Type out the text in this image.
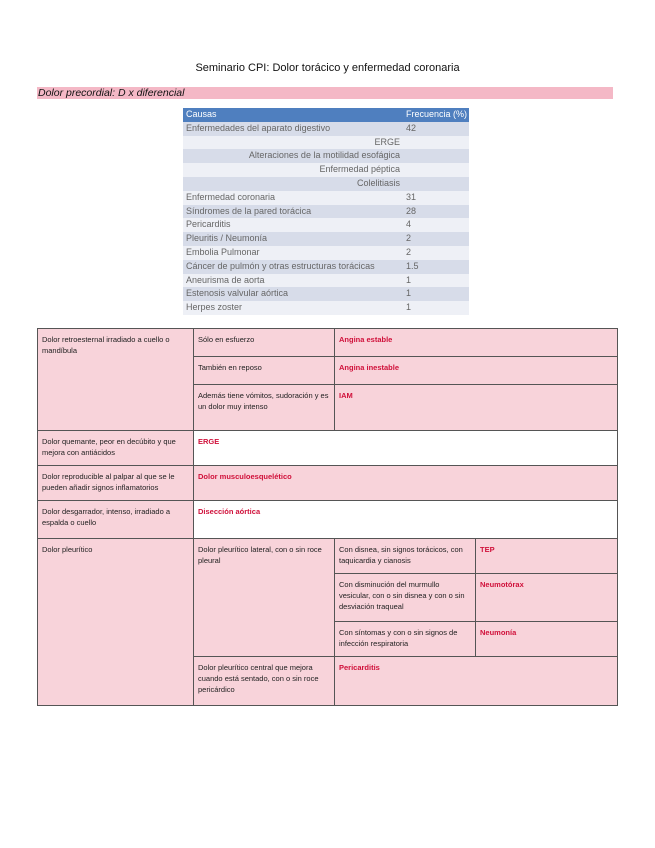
Seminario CPI: Dolor torácico y enfermedad coronaria
Dolor precordial: D x diferencial
Causas	Frecuencia (%)
Enfermedades del aparato digestivo	42
ERGE	
Alteraciones de la motilidad esofágica	
Enfermedad péptica	
Colelitiasis	
Enfermedad coronaria	31
Síndromes de la pared torácica	28
Pericarditis	4
Pleuritis / Neumonía	2
Embolia Pulmonar	2
Cáncer de pulmón y otras estructuras torácicas	1.5
Aneurisma de aorta	1
Estenosis valvular aórtica	1
Herpes zoster	1
Dolor retroesternal irradiado a cuello o mandíbula	Sólo en esfuerzo	Angina estable	
	También en reposo	Angina inestable	
	Además tiene vómitos, sudoración y es un dolor muy intenso	IAM	
Dolor quemante, peor en decúbito y que mejora con antiácidos	ERGE		
Dolor reproducible al palpar al que se le pueden añadir signos inflamatorios	Dolor musculoesquelético		
Dolor desgarrador, intenso, irradiado a espalda o cuello	Disección aórtica		
Dolor pleurítico	Dolor pleurítico lateral, con o sin roce pleural	Con disnea, sin signos torácicos, con taquicardia y cianosis	TEP
		Con disminución del murmullo vesicular, con o sin disnea y con o sin desviación traqueal	Neumotórax
		Con síntomas y con o sin signos de infección respiratoria	Neumonía
	Dolor pleurítico central que mejora cuando está sentado, con o sin roce pericárdico	Pericarditis	
